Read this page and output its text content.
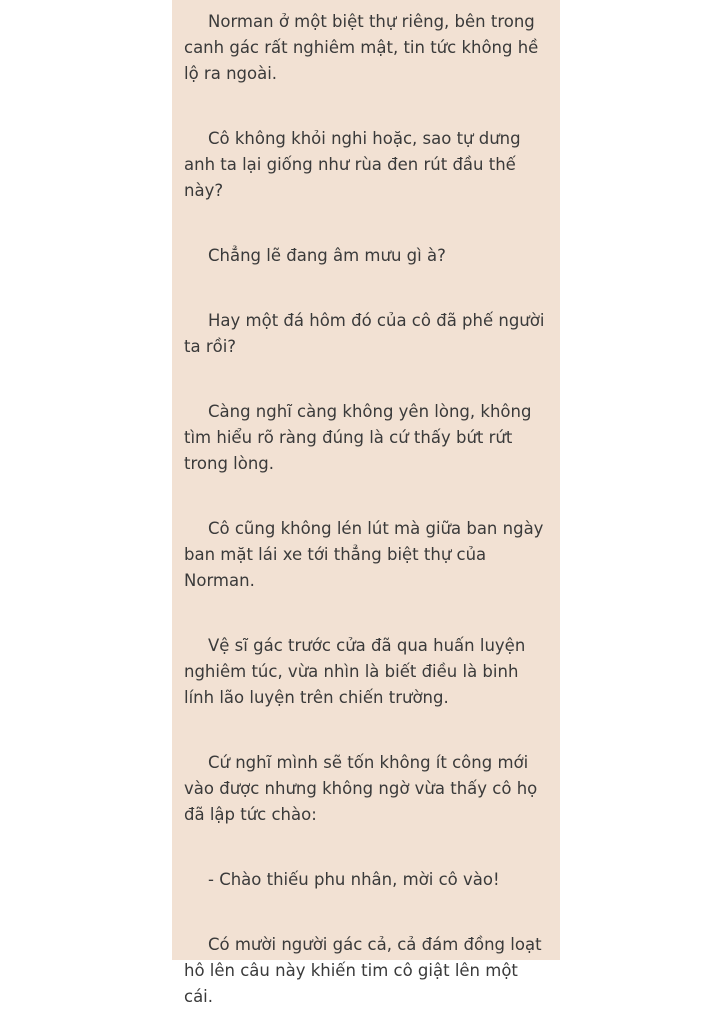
Norman ở một biệt thự riêng, bên trong canh gác rất nghiêm mật, tin tức không hề lộ ra ngoài.

Cô không khỏi nghi hoặc, sao tự dưng anh ta lại giống như rùa đen rút đầu thế này?

Chẳng lẽ đang âm mưu gì à?

Hay một đá hôm đó của cô đã phế người ta rồi?

Càng nghĩ càng không yên lòng, không tìm hiểu rõ ràng đúng là cứ thấy bứt rứt trong lòng.

Cô cũng không lén lút mà giữa ban ngày ban mặt lái xe tới thẳng biệt thự của Norman.

Vệ sĩ gác trước cửa đã qua huấn luyện nghiêm túc, vừa nhìn là biết điều là binh lính lão luyện trên chiến trường.

Cứ nghĩ mình sẽ tốn không ít công mới vào được nhưng không ngờ vừa thấy cô họ đã lập tức chào:

- Chào thiếu phu nhân, mời cô vào!

Có mười người gác cả, cả đám đồng loạt hô lên câu này khiến tim cô giật lên một cái.
